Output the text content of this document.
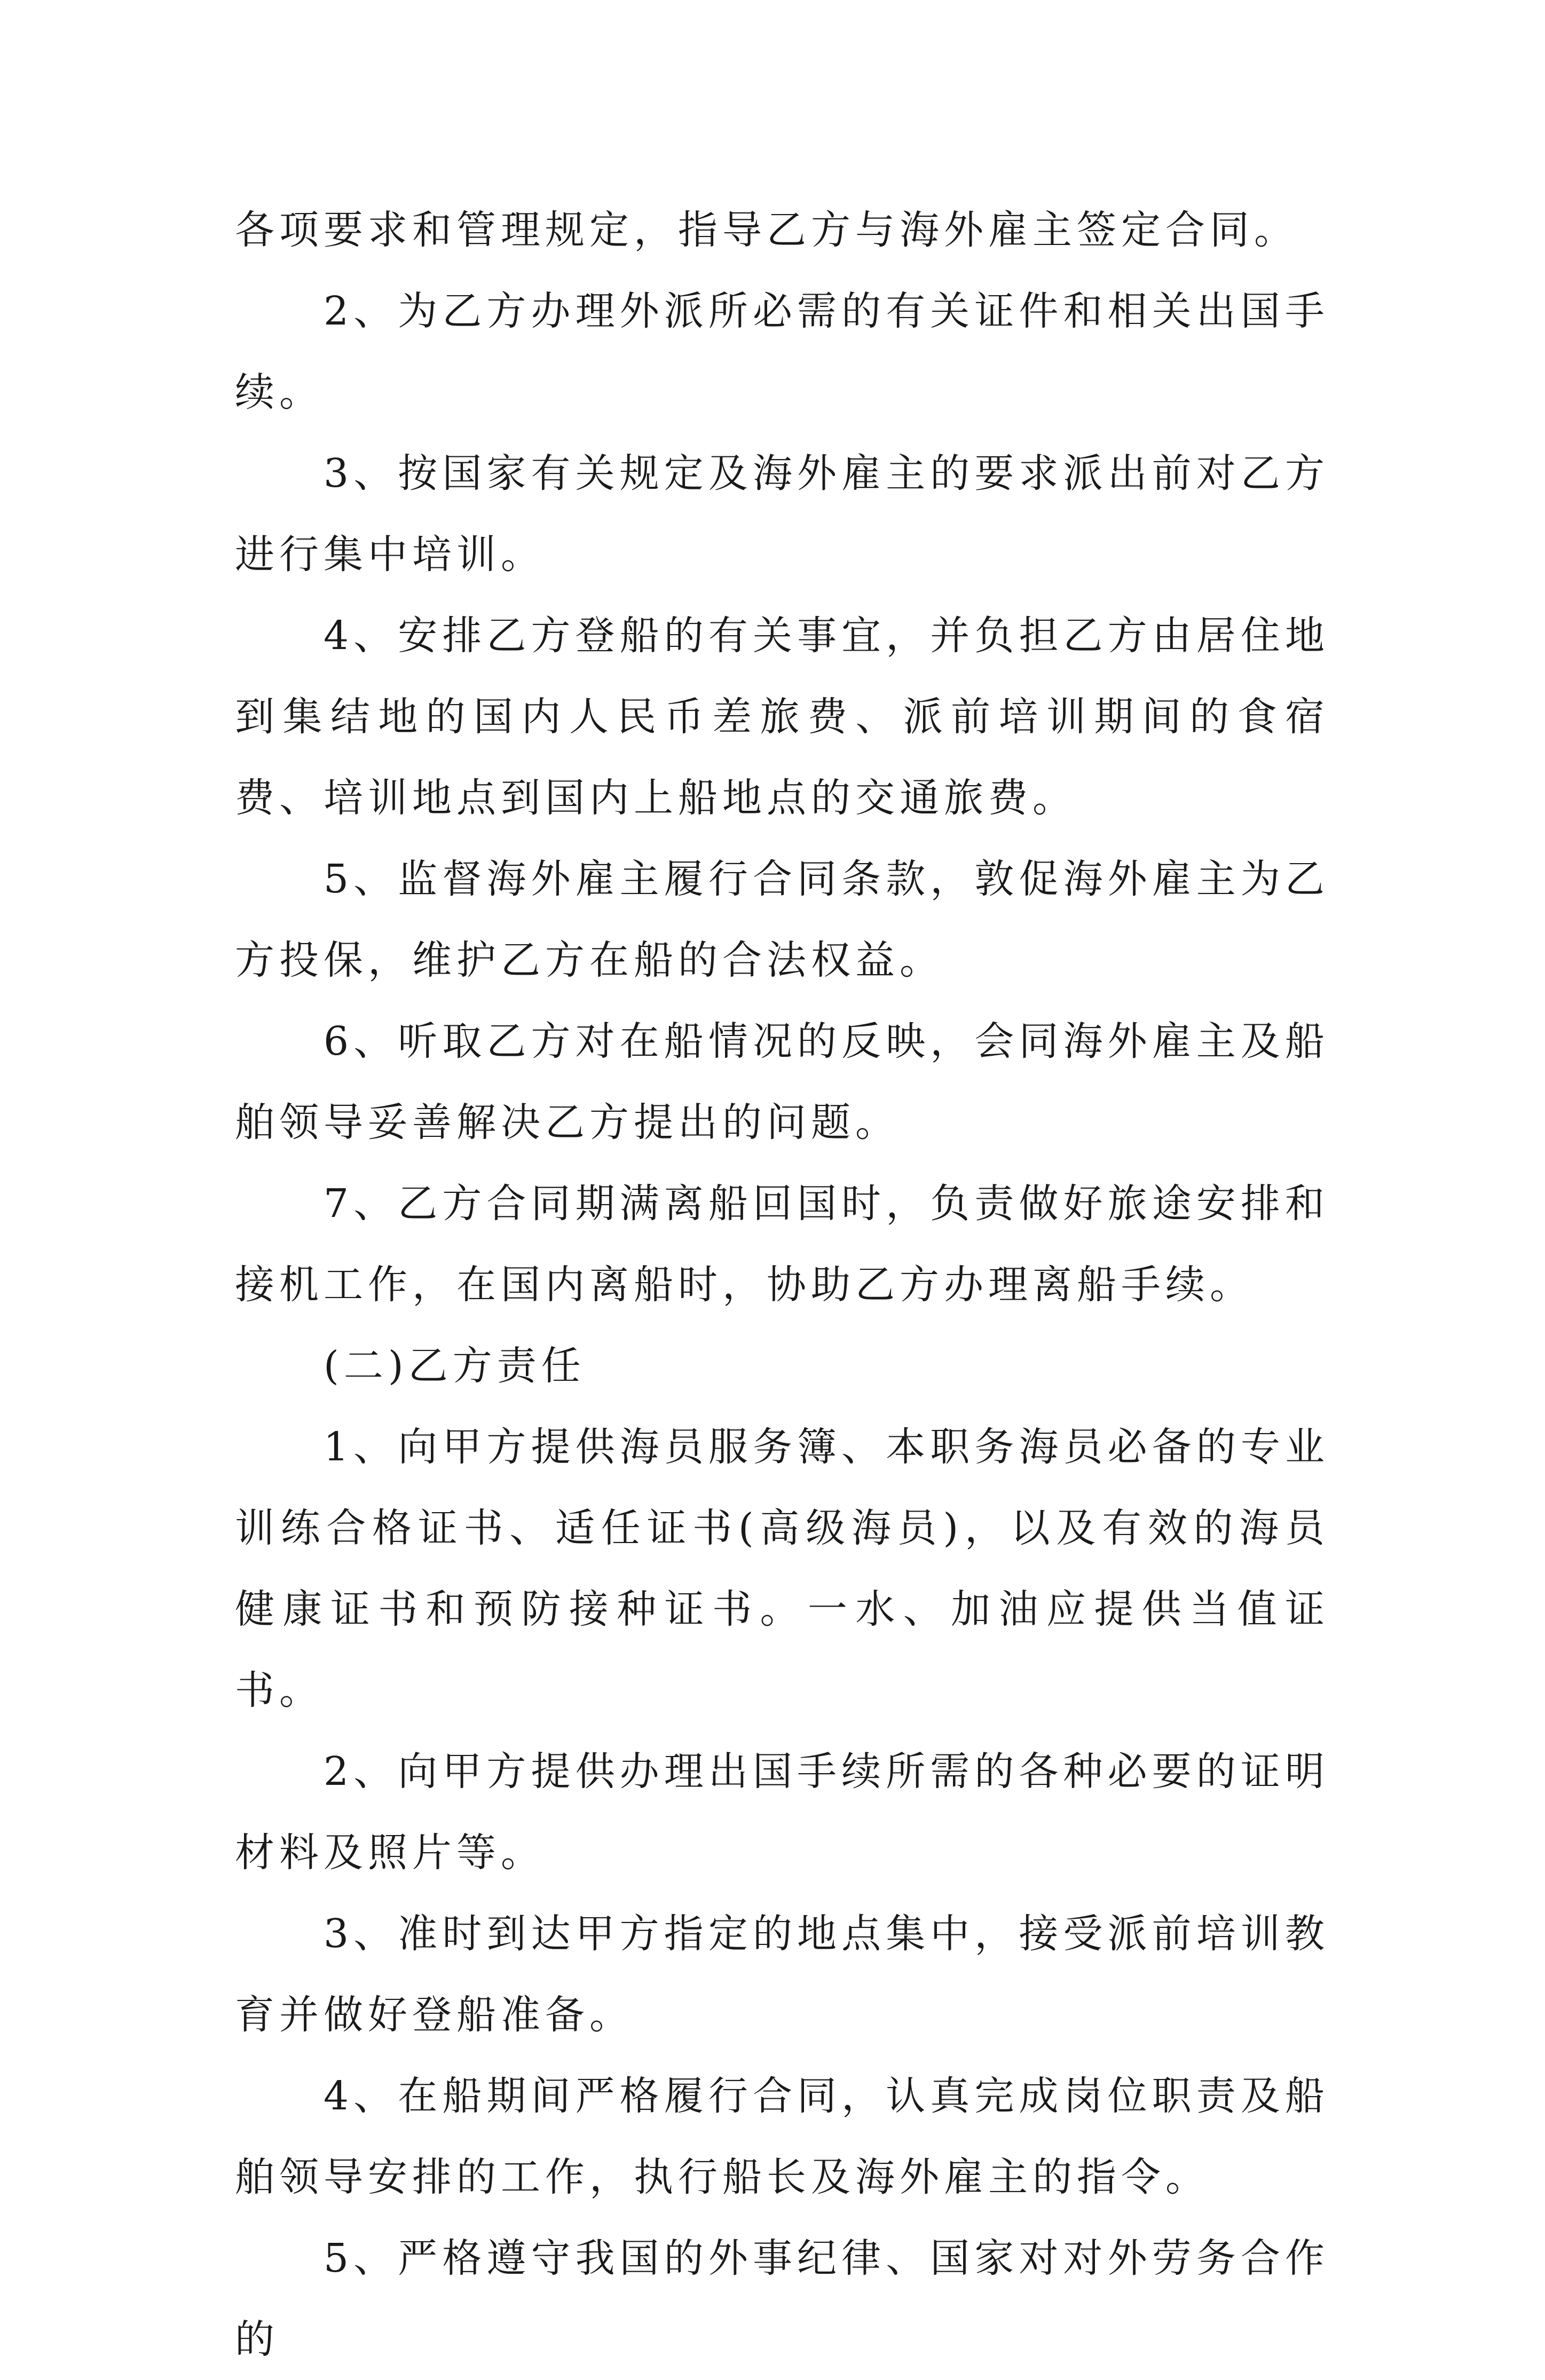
各项要求和管理规定，指导乙方与海外雇主签定合同。

2、为乙方办理外派所必需的有关证件和相关出国手续。

3、按国家有关规定及海外雇主的要求派出前对乙方进行集中培训。

4、安排乙方登船的有关事宜，并负担乙方由居住地到集结地的国内人民币差旅费、派前培训期间的食宿费、培训地点到国内上船地点的交通旅费。

5、监督海外雇主履行合同条款，敦促海外雇主为乙方投保，维护乙方在船的合法权益。

6、听取乙方对在船情况的反映，会同海外雇主及船舶领导妥善解决乙方提出的问题。

7、乙方合同期满离船回国时，负责做好旅途安排和接机工作，在国内离船时，协助乙方办理离船手续。

(二)乙方责任

1、向甲方提供海员服务簿、本职务海员必备的专业训练合格证书、适任证书(高级海员)，以及有效的海员健康证书和预防接种证书。一水、加油应提供当值证书。

2、向甲方提供办理出国手续所需的各种必要的证明材料及照片等。

3、准时到达甲方指定的地点集中，接受派前培训教育并做好登船准备。

4、在船期间严格履行合同，认真完成岗位职责及船舶领导安排的工作，执行船长及海外雇主的指令。

5、严格遵守我国的外事纪律、国家对对外劳务合作的
